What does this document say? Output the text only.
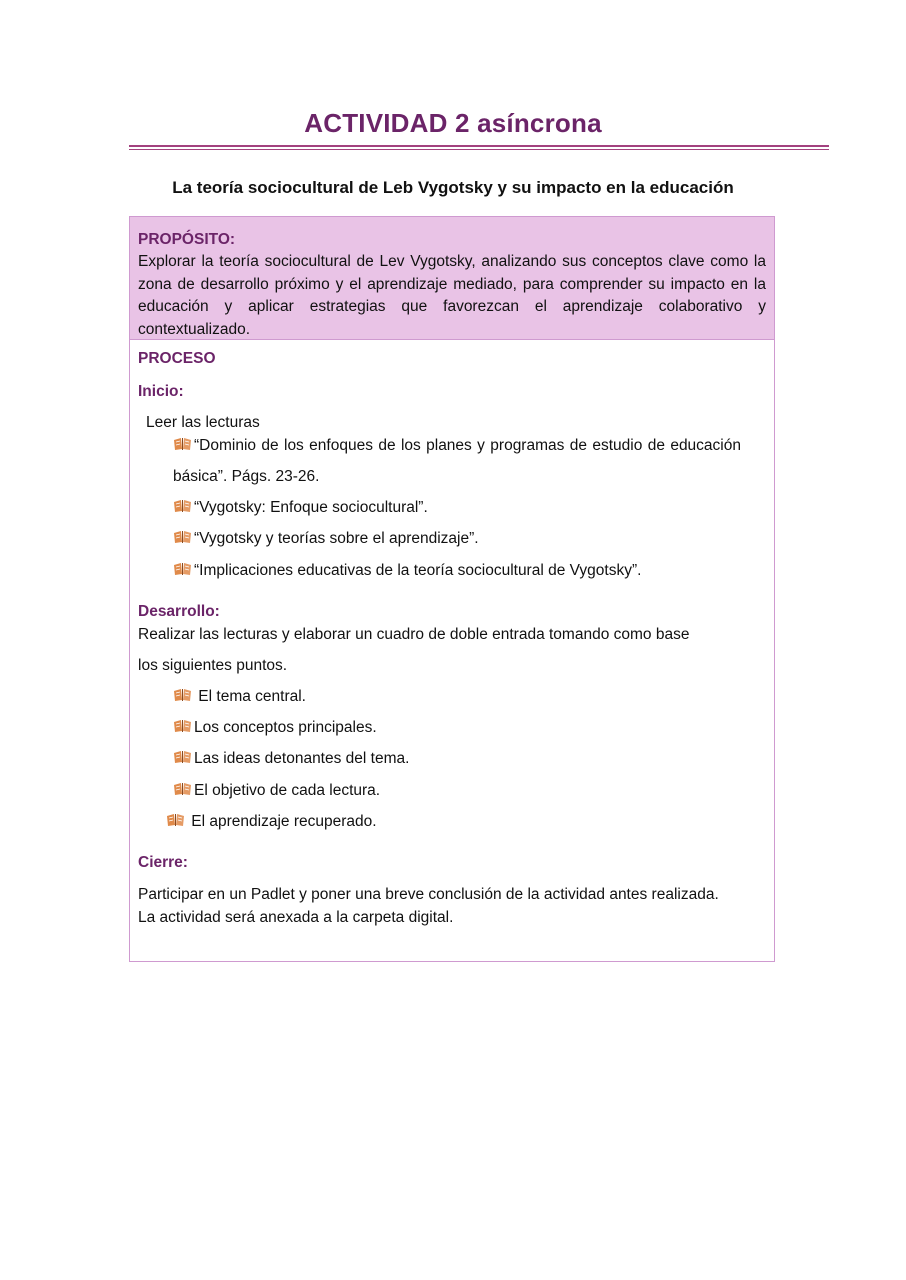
ACTIVIDAD 2 asíncrona
La teoría sociocultural de Leb Vygotsky y su impacto en la educación
PROPÓSITO:
Explorar la teoría sociocultural de Lev Vygotsky, analizando sus conceptos clave como la zona de desarrollo próximo y el aprendizaje mediado, para comprender su impacto en la educación y aplicar estrategias que favorezcan el aprendizaje colaborativo y contextualizado.
PROCESO
Inicio:
Leer las lecturas
“Dominio de los enfoques de los planes y programas de estudio de educación básica”. Págs. 23-26.
“Vygotsky: Enfoque sociocultural”.
“Vygotsky y teorías sobre el aprendizaje”.
“Implicaciones educativas de la teoría sociocultural de Vygotsky”.
Desarrollo:
Realizar las lecturas y elaborar un cuadro de doble entrada tomando como base
los siguientes puntos.
El tema central.
Los conceptos principales.
Las ideas detonantes del tema.
El objetivo de cada lectura.
El aprendizaje recuperado.
Cierre:
Participar en un Padlet y poner una breve conclusión de la actividad antes realizada.
La actividad será anexada a la carpeta digital.
